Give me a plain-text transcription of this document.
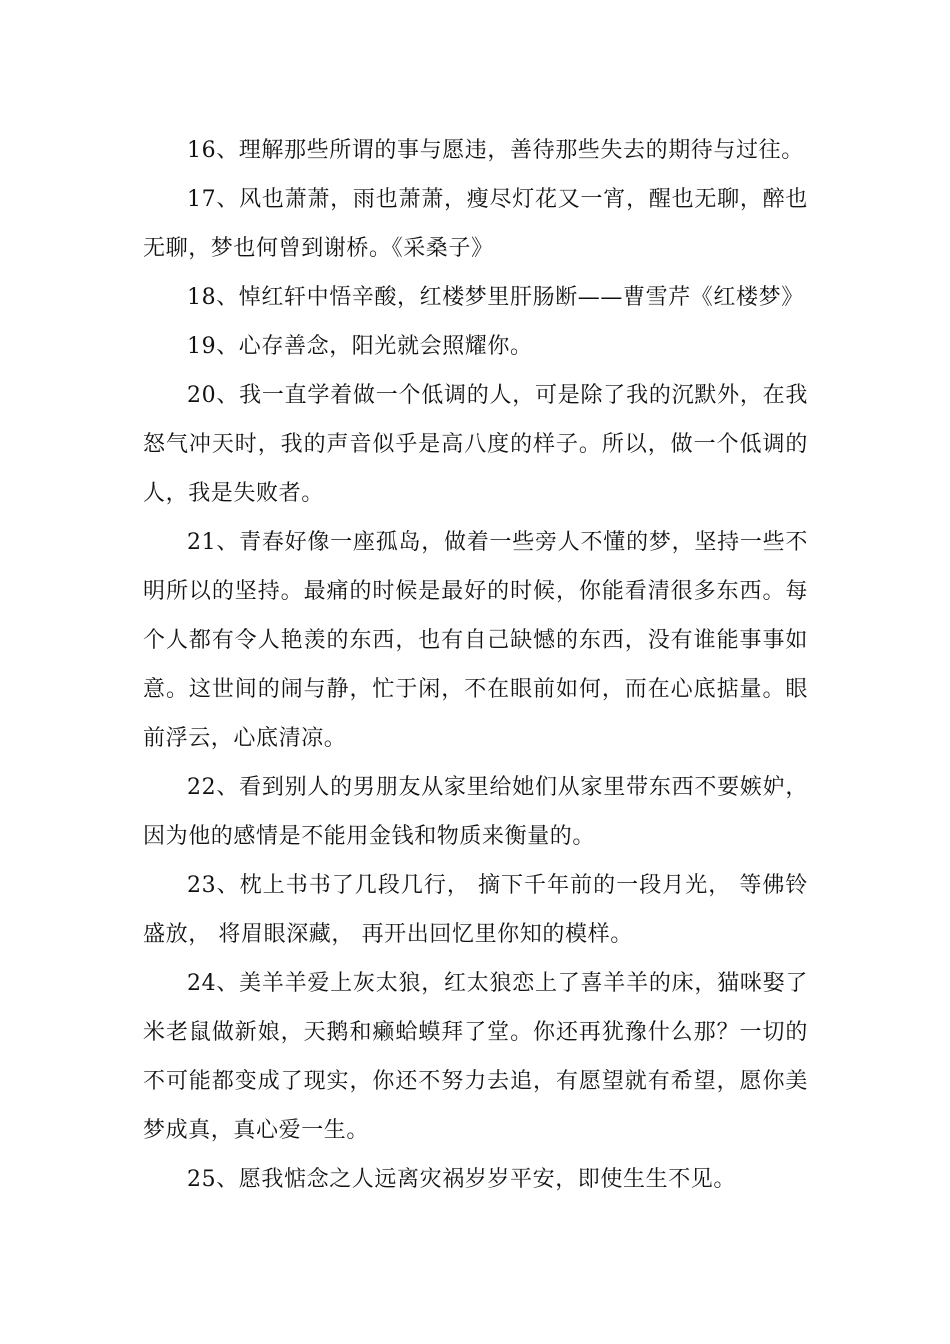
16、理解那些所谓的事与愿违，善待那些失去的期待与过往。

17、风也萧萧，雨也萧萧，瘦尽灯花又一宵，醒也无聊，醉也无聊，梦也何曾到谢桥。《采桑子》

18、悼红轩中悟辛酸，红楼梦里肝肠断——曹雪芹《红楼梦》

19、心存善念，阳光就会照耀你。

20、我一直学着做一个低调的人，可是除了我的沉默外，在我怒气冲天时，我的声音似乎是高八度的样子。所以，做一个低调的人，我是失败者。

21、青春好像一座孤岛，做着一些旁人不懂的梦，坚持一些不明所以的坚持。最痛的时候是最好的时候，你能看清很多东西。每个人都有令人艳羡的东西，也有自己缺憾的东西，没有谁能事事如意。这世间的闹与静，忙于闲，不在眼前如何，而在心底掂量。眼前浮云，心底清凉。

22、看到别人的男朋友从家里给她们从家里带东西不要嫉妒，因为他的感情是不能用金钱和物质来衡量的。

23、枕上书书了几段几行， 摘下千年前的一段月光， 等佛铃盛放， 将眉眼深藏， 再开出回忆里你知的模样。

24、美羊羊爱上灰太狼，红太狼恋上了喜羊羊的床，猫咪娶了米老鼠做新娘，天鹅和癞蛤蟆拜了堂。你还再犹豫什么那？一切的不可能都变成了现实，你还不努力去追，有愿望就有希望，愿你美梦成真，真心爱一生。

25、愿我惦念之人远离灾祸岁岁平安，即使生生不见。
